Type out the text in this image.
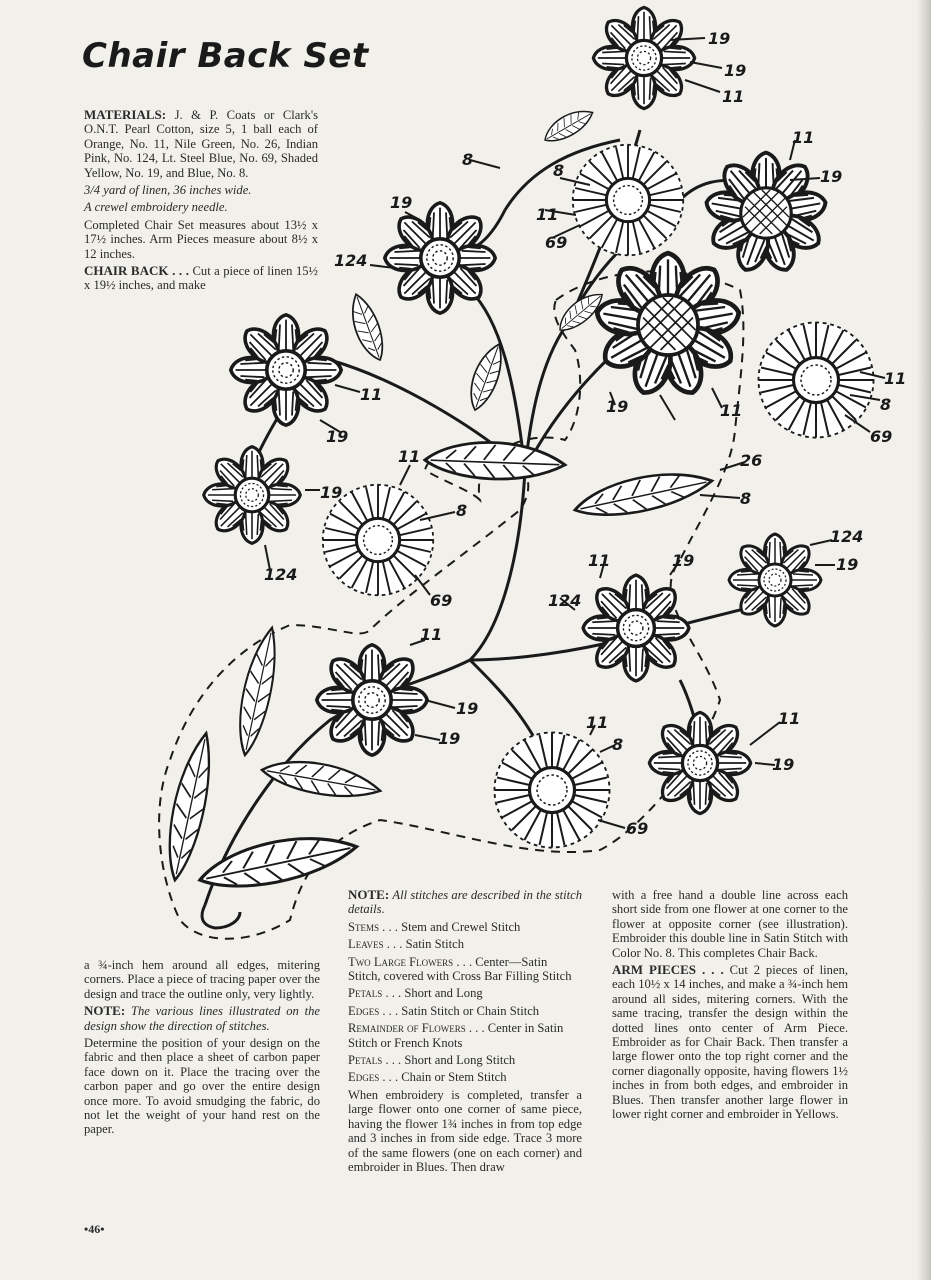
Chair Back Set

MATERIALS: J. & P. Coats or Clark's O.N.T. Pearl Cotton, size 5, 1 ball each of Orange, No. 11, Nile Green, No. 26, Indian Pink, No. 124, Lt. Steel Blue, No. 69, Shaded Yellow, No. 19, and Blue, No. 8.

3/4 yard of linen, 36 inches wide.

A crewel embroidery needle.

Completed Chair Set measures about 13½ x 17½ inches. Arm Pieces measure about 8½ x 12 inches.

CHAIR BACK . . . Cut a piece of linen 15½ x 19½ inches, and make

19
19
11
8
8
11
69
11
19
19
124
11
19
19
19	11
11
8
69
11
8
69
26
8
124
124
19
11	19
124
11
19
19
11
8
69
11
19

a ¾-inch hem around all edges, mitering corners. Place a piece of tracing paper over the design and trace the outline only, very lightly.

NOTE: The various lines illustrated on the design show the direction of stitches.

Determine the position of your design on the fabric and then place a sheet of carbon paper face down on it. Place the tracing over the carbon paper and go over the entire design once more. To avoid smudging the fabric, do not let the weight of your hand rest on the paper.

NOTE: All stitches are described in the stitch details.

Stems . . . Stem and Crewel Stitch

Leaves . . . Satin Stitch

Two Large Flowers . . . Center—Satin Stitch, covered with Cross Bar Filling Stitch

Petals . . . Short and Long

Edges . . . Satin Stitch or Chain Stitch

Remainder of Flowers . . . Center in Satin Stitch or French Knots

Petals . . . Short and Long Stitch

Edges . . . Chain or Stem Stitch

When embroidery is completed, transfer a large flower onto one corner of same piece, having the flower 1¾ inches in from top edge and 3 inches in from side edge. Trace 3 more of the same flowers (one on each corner) and embroider in Blues. Then draw

with a free hand a double line across each short side from one flower at one corner to the flower at opposite corner (see illustration). Embroider this double line in Satin Stitch with Color No. 8. This completes Chair Back.

ARM PIECES . . . Cut 2 pieces of linen, each 10½ x 14 inches, and make a ¾-inch hem around all sides, mitering corners. With the same tracing, transfer the design within the dotted lines onto center of Arm Piece. Embroider as for Chair Back. Then transfer a large flower onto the top right corner and the corner diagonally opposite, having flowers 1½ inches in from both edges, and embroider in Blues. Then transfer another large flower in lower right corner and embroider in Yellows.

•46•
